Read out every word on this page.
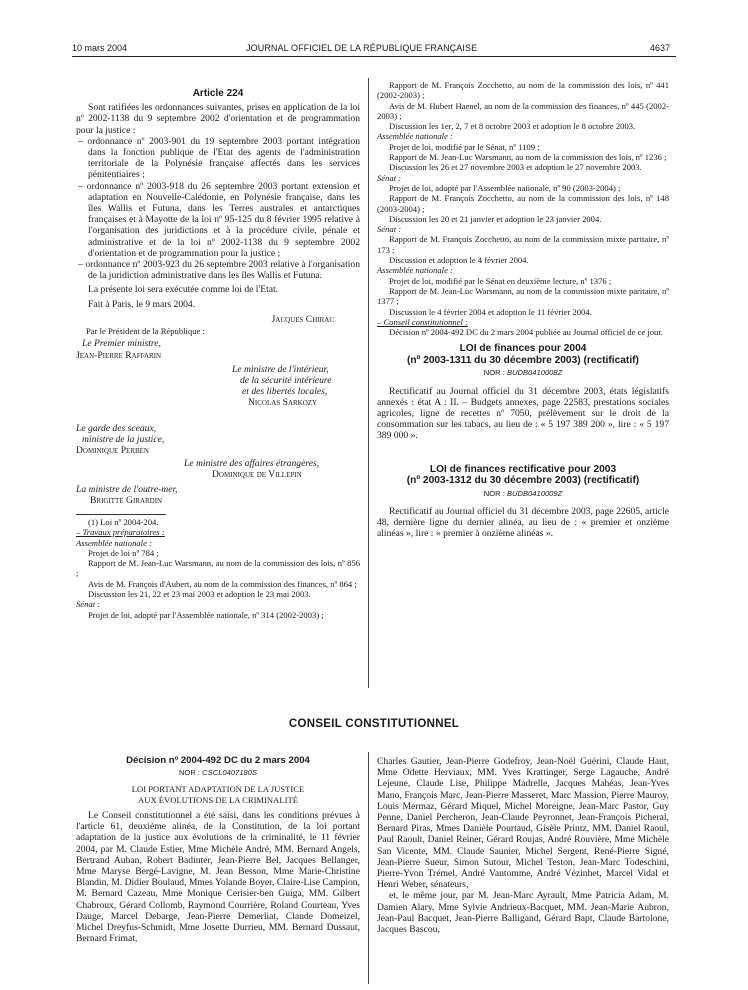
10 mars 2004	JOURNAL OFFICIEL DE LA RÉPUBLIQUE FRANÇAISE	4637
Article 224

Sont ratifiées les ordonnances suivantes, prises en application de la loi nº 2002-1138 du 9 septembre 2002 d'orientation et de programmation pour la justice :

– ordonnance nº 2003-901 du 19 septembre 2003 portant intégration dans la fonction publique de l'Etat des agents de l'administration territoriale de la Polynésie française affectés dans les services pénitentiaires ;

– ordonnance nº 2003-918 du 26 septembre 2003 portant extension et adaptation en Nouvelle-Calédonie, en Polynésie française, dans les îles Wallis et Futuna, dans les Terres australes et antarctiques françaises et à Mayotte de la loi nº 95-125 du 8 février 1995 relative à l'organisation des juridictions et à la procédure civile, pénale et administrative et de la loi nº 2002-1138 du 9 septembre 2002 d'orientation et de programmation pour la justice ;

– ordonnance nº 2003-923 du 26 septembre 2003 relative à l'organisation de la juridiction administrative dans les îles Wallis et Futuna.

La présente loi sera exécutée comme loi de l'Etat.

Fait à Paris, le 9 mars 2004.

Jacques Chirac

Par le Président de la République :

Le Premier ministre,

Jean-Pierre Raffarin

Le ministre de l'intérieur,

de la sécurité intérieure

et des libertés locales,

Nicolas Sarkozy

Le garde des sceaux,

ministre de la justice,

Dominique Perben

Le ministre des affaires étrangères,

Dominique de Villepin

La ministre de l'outre-mer,

Brigitte Girardin

(1) Loi nº 2004-204.

– Travaux préparatoires :

Assemblée nationale :

Projet de loi nº 784 ;

Rapport de M. Jean-Luc Warsmann, au nom de la commission des lois, nº 856 ;

Avis de M. François d'Aubert, au nom de la commission des finances, nº 864 ;

Discussion les 21, 22 et 23 mai 2003 et adoption le 23 mai 2003.

Sénat :

Projet de loi, adopté par l'Assemblée nationale, nº 314 (2002-2003) ;

Rapport de M. François Zocchetto, au nom de la commission des lois, nº 441 (2002-2003) ;

Avis de M. Hubert Haenel, au nom de la commission des finances, nº 445 (2002-2003) ;

Discussion les 1er, 2, 7 et 8 octobre 2003 et adoption le 8 octobre 2003.

Assemblée nationale :

Projet de loi, modifié par le Sénat, nº 1109 ;

Rapport de M. Jean-Luc Warsmann, au nom de la commission des lois, nº 1236 ;

Discussion les 26 et 27 novembre 2003 et adoption le 27 novembre 2003.

Sénat :

Projet de loi, adopté par l'Assemblée nationale, nº 90 (2003-2004) ;

Rapport de M. François Zocchetto, au nom de la commission des lois, nº 148 (2003-2004) ;

Discussion les 20 et 21 janvier et adoption le 23 janvier 2004.

Sénat :

Rapport de M. François Zocchetto, au nom de la commission mixte paritaire, nº 173 ;

Discussion et adoption le 4 février 2004.

Assemblée nationale :

Projet de loi, modifié par le Sénat en deuxième lecture, nº 1376 ;

Rapport de M. Jean-Luc Warsmann, au nom de la commission mixte paritaire, nº 1377 ;

Discussion le 4 février 2004 et adoption le 11 février 2004.

– Conseil constitutionnel :

Décision nº 2004-492 DC du 2 mars 2004 publiée au Journal officiel de ce jour.

LOI de finances pour 2004
(nº 2003-1311 du 30 décembre 2003) (rectificatif)
NOR : BUDB0410008Z

Rectificatif au Journal officiel du 31 décembre 2003, états législatifs annexés : état A : II. – Budgets annexes, page 22583, prestations sociales agricoles, ligne de recettes nº 7050, prélèvement sur le droit de la consommation sur les tabacs, au lieu de : « 5 197 389 200 », lire : « 5 197 389 000 ».

LOI de finances rectificative pour 2003
(nº 2003-1312 du 30 décembre 2003) (rectificatif)
NOR : BUDB0410009Z

Rectificatif au Journal officiel du 31 décembre 2003, page 22605, article 48, dernière ligne du dernier alinéa, au lieu de : « premier et onzième alinéas », lire : « premier à onzième alinéas ».

CONSEIL CONSTITUTIONNEL
Décision nº 2004-492 DC du 2 mars 2004
NOR : CSCL0407180S
LOI PORTANT ADAPTATION DE LA JUSTICE
AUX ÉVOLUTIONS DE LA CRIMINALITÉ

Le Conseil constitutionnel a été saisi, dans les conditions prévues à l'article 61, deuxième alinéa, de la Constitution, de la loi portant adaptation de la justice aux évolutions de la criminalité, le 11 février 2004, par M. Claude Estier, Mme Michèle André, MM. Bernard Angels, Bertrand Auban, Robert Badinter, Jean-Pierre Bel, Jacques Bellanger, Mme Maryse Bergé-Lavigne, M. Jean Besson, Mme Marie-Christine Blandin, M. Didier Boulaud, Mmes Yolande Boyer, Claire-Lise Campion, M. Bernard Cazeau, Mme Monique Cerisier-ben Guiga, MM. Gilbert Chabroux, Gérard Collomb, Raymond Courrière, Roland Courteau, Yves Dauge, Marcel Debarge, Jean-Pierre Demerliat, Claude Domeizel, Michel Dreyfus-Schmidt, Mme Josette Durrieu, MM. Bernard Dussaut, Bernard Frimat,

Charles Gautier, Jean-Pierre Godefroy, Jean-Noël Guérini, Claude Haut, Mme Odette Herviaux, MM. Yves Krattinger, Serge Lagauche, André Lejeune, Claude Lise, Philippe Madrelle, Jacques Mahéas, Jean-Yves Mano, François Marc, Jean-Pierre Masseret, Marc Massion, Pierre Mauroy, Louis Mermaz, Gérard Miquel, Michel Moreigne, Jean-Marc Pastor, Guy Penne, Daniel Percheron, Jean-Claude Peyronnet, Jean-François Picheral, Bernard Piras, Mmes Danièle Pourtaud, Gisèle Printz, MM. Daniel Raoul, Paul Raoult, Daniel Reiner, Gérard Roujas, André Rouvière, Mme Michèle San Vicente, MM. Claude Saunier, Michel Sergent, René-Pierre Signé, Jean-Pierre Sueur, Simon Sutour, Michel Teston, Jean-Marc Todeschini, Pierre-Yvon Trémel, André Vantomme, André Vézinhet, Marcel Vidal et Henri Weber, sénateurs,

et, le même jour, par M. Jean-Marc Ayrault, Mme Patricia Adam, M. Damien Alary, Mme Sylvie Andrieux-Bacquet, MM. Jean-Marie Aubron, Jean-Paul Bacquet, Jean-Pierre Balligand, Gérard Bapt, Claude Bartolone, Jacques Bascou,
